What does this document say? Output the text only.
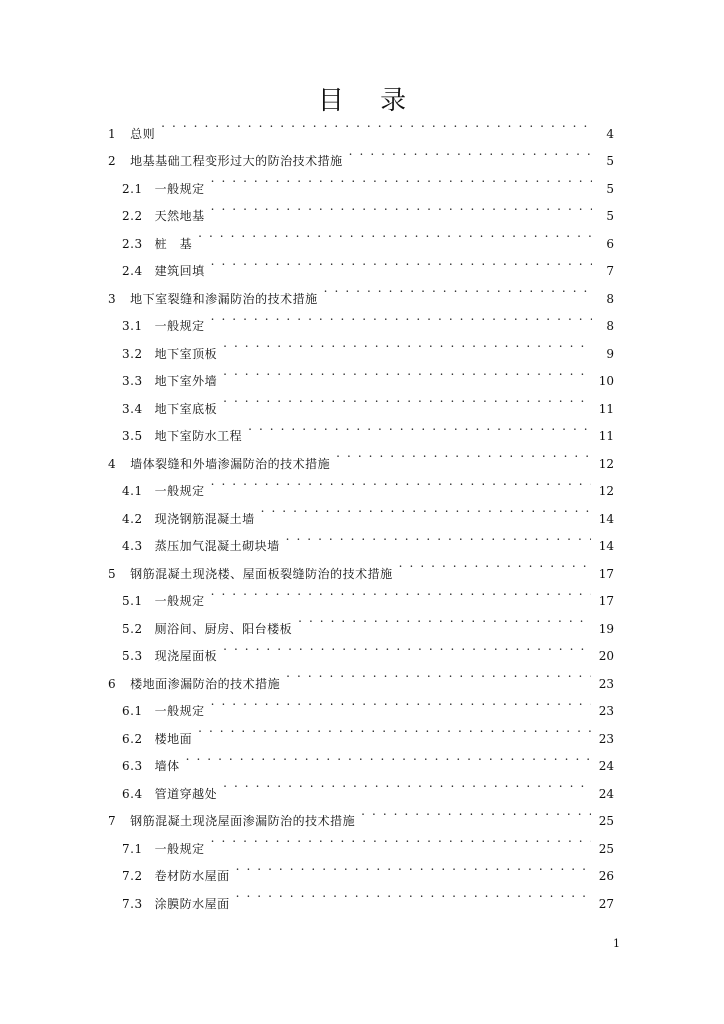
目 录
1 总则 . . .	4
2 地基基础工程变形过大的防治技术措施 . . .	5
2.1 一般规定 . . .	5
2.2 天然地基 . . .	5
2.3 桩　基 . . .	6
2.4 建筑回填 . . .	7
3 地下室裂缝和渗漏防治的技术措施 . . .	8
3.1 一般规定 . . .	8
3.2 地下室顶板 . . .	9
3.3 地下室外墙 . . .	10
3.4 地下室底板 . . .	11
3.5 地下室防水工程 . . .	11
4 墙体裂缝和外墙渗漏防治的技术措施 . . .	12
4.1 一般规定 . . .	12
4.2 现浇钢筋混凝土墙 . . .	14
4.3 蒸压加气混凝土砌块墙 . . .	14
5 钢筋混凝土现浇楼、屋面板裂缝防治的技术措施 . . .	17
5.1 一般规定 . . .	17
5.2 厕浴间、厨房、阳台楼板 . . .	19
5.3 现浇屋面板 . . .	20
6 楼地面渗漏防治的技术措施 . . .	23
6.1 一般规定 . . .	23
6.2 楼地面 . . .	23
6.3 墙体 . . .	24
6.4 管道穿越处 . . .	24
7 钢筋混凝土现浇屋面渗漏防治的技术措施 . . .	25
7.1 一般规定 . . .	25
7.2 卷材防水屋面 . . .	26
7.3 涂膜防水屋面 . . .	27
1
